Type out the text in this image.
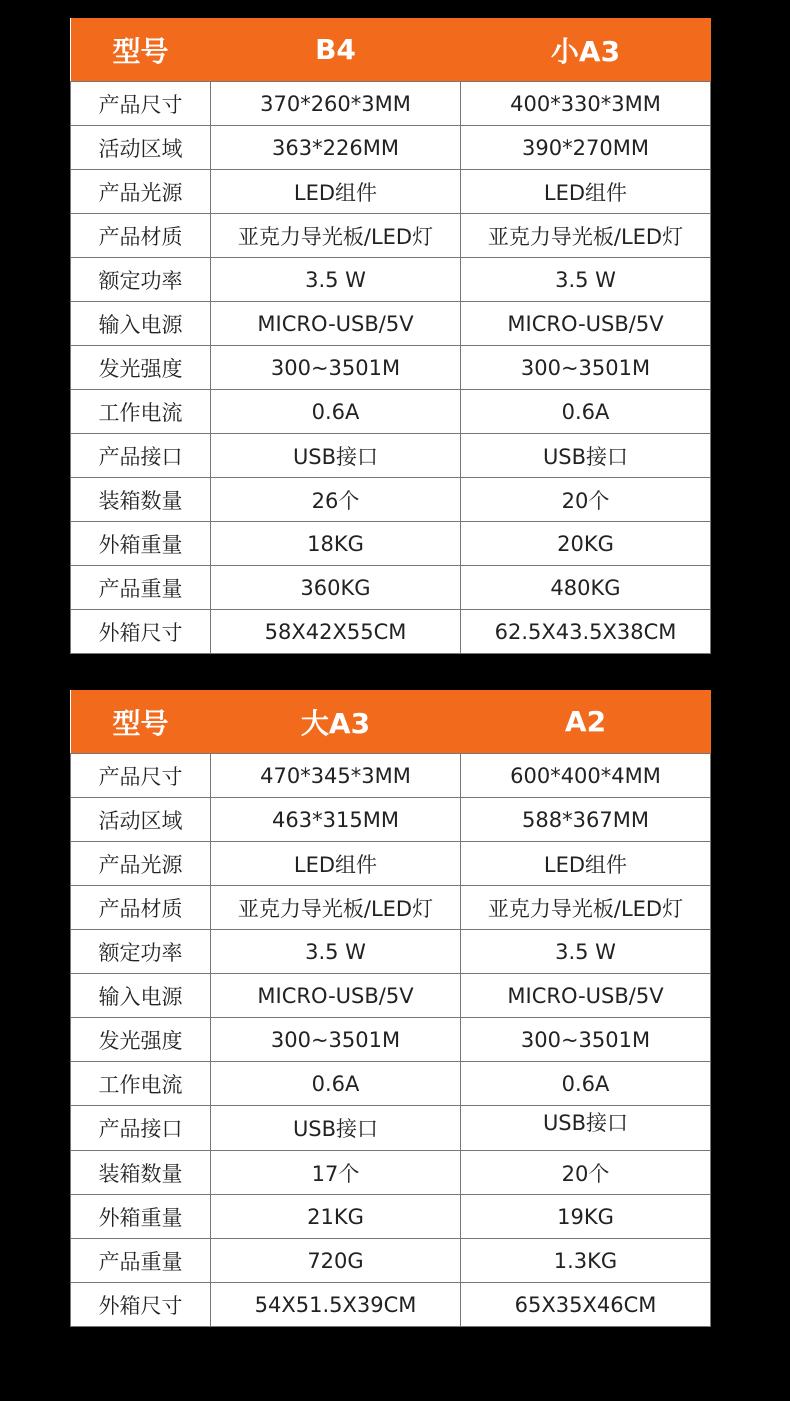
型号	B4	小A3
产品尺寸	370*260*3MM	400*330*3MM
活动区域	363*226MM	390*270MM
产品光源	LED组件	LED组件
产品材质	亚克力导光板/LED灯	亚克力导光板/LED灯
额定功率	3.5 W	3.5 W
输入电源	MICRO-USB/5V	MICRO-USB/5V
发光强度	300~3501M	300~3501M
工作电流	0.6A	0.6A
产品接口	USB接口	USB接口
装箱数量	26个	20个
外箱重量	18KG	20KG
产品重量	360KG	480KG
外箱尺寸	58X42X55CM	62.5X43.5X38CM
型号	大A3	A2
产品尺寸	470*345*3MM	600*400*4MM
活动区域	463*315MM	588*367MM
产品光源	LED组件	LED组件
产品材质	亚克力导光板/LED灯	亚克力导光板/LED灯
额定功率	3.5 W	3.5 W
输入电源	MICRO-USB/5V	MICRO-USB/5V
发光强度	300~3501M	300~3501M
工作电流	0.6A	0.6A
产品接口	USB接口	USB接口
装箱数量	17个	20个
外箱重量	21KG	19KG
产品重量	720G	1.3KG
外箱尺寸	54X51.5X39CM	65X35X46CM
